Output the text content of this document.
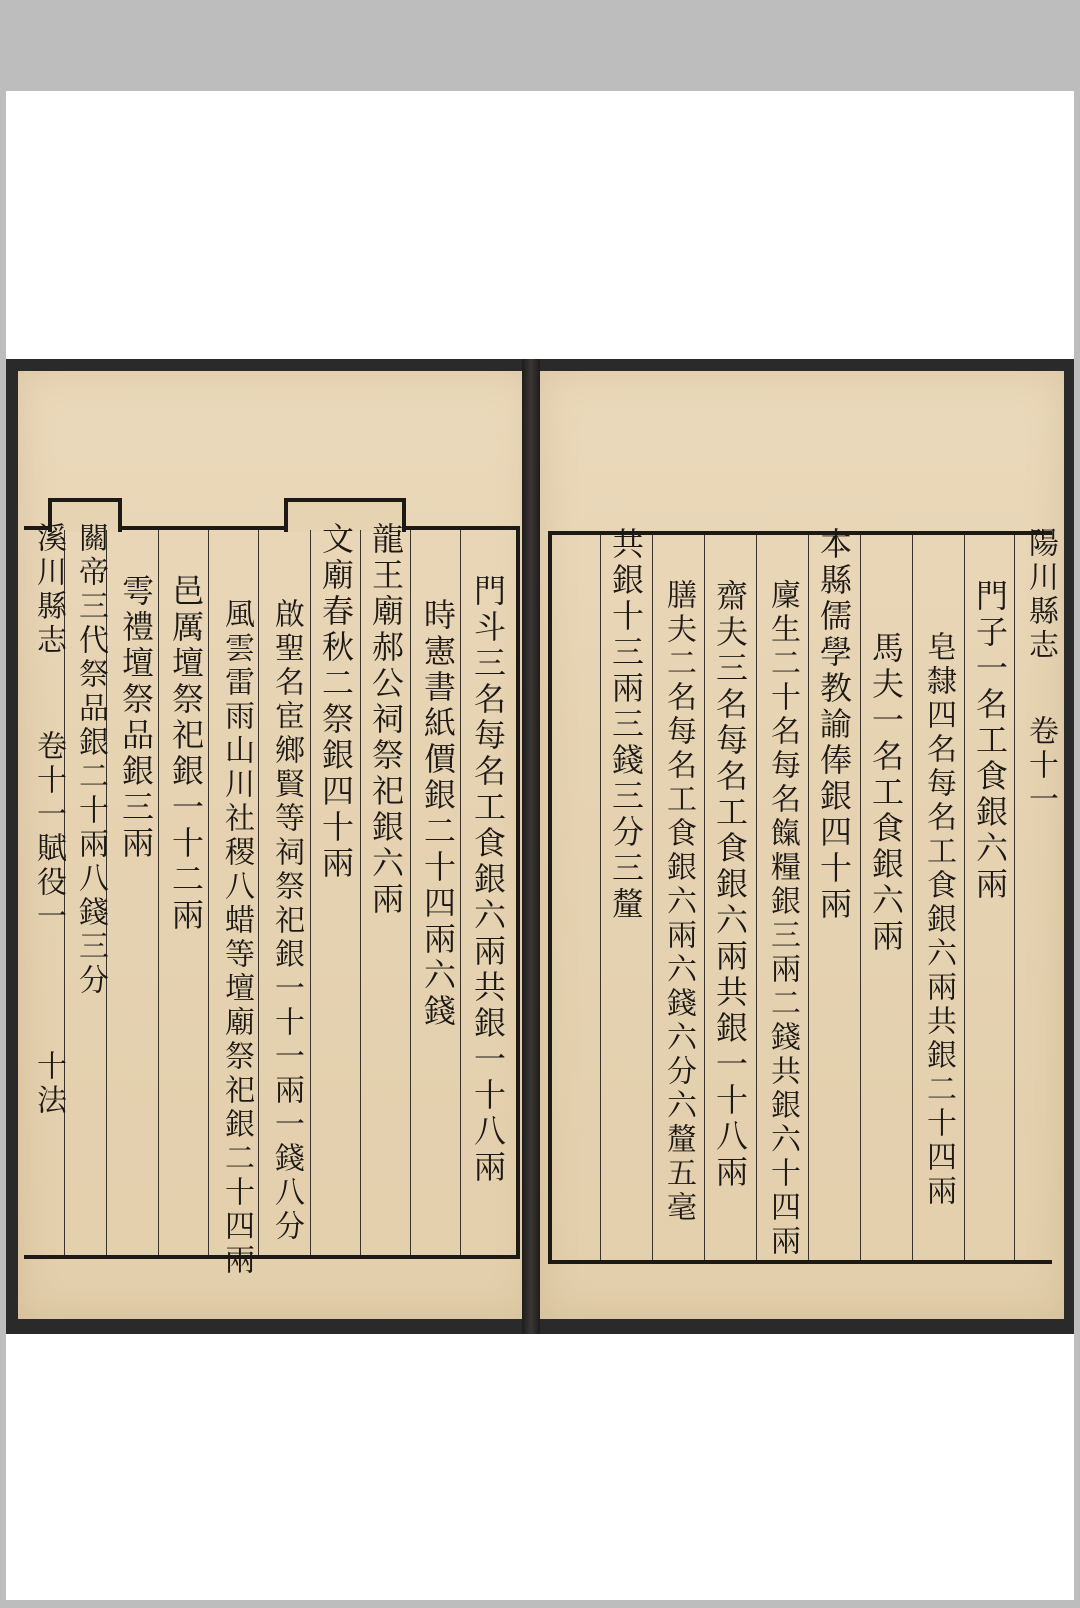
門斗三名每名工食銀六兩共銀一十八兩
時憲書紙價銀二十四兩六錢
龍王廟郝公祠祭祀銀六兩
文廟春秋二祭銀四十兩
啟聖名宦鄉賢等祠祭祀銀一十一兩一錢八分
風雲雷雨山川社稷八蜡等壇廟祭祀銀二十四兩
邑厲壇祭祀銀一十二兩
雩禮壇祭品銀三兩
關帝三代祭品銀二十兩八錢三分
溪川縣志
卷十一賦役一
十法
陽川縣志
卷十一
門子一名工食銀六兩
皂隸四名每名工食銀六兩共銀二十四兩
馬夫一名工食銀六兩
本縣儒學教諭俸銀四十兩
廩生二十名每名餼糧銀三兩二錢共銀六十四兩
齋夫三名每名工食銀六兩共銀一十八兩
膳夫二名每名工食銀六兩六錢六分六釐五毫
共銀十三兩三錢三分三釐
